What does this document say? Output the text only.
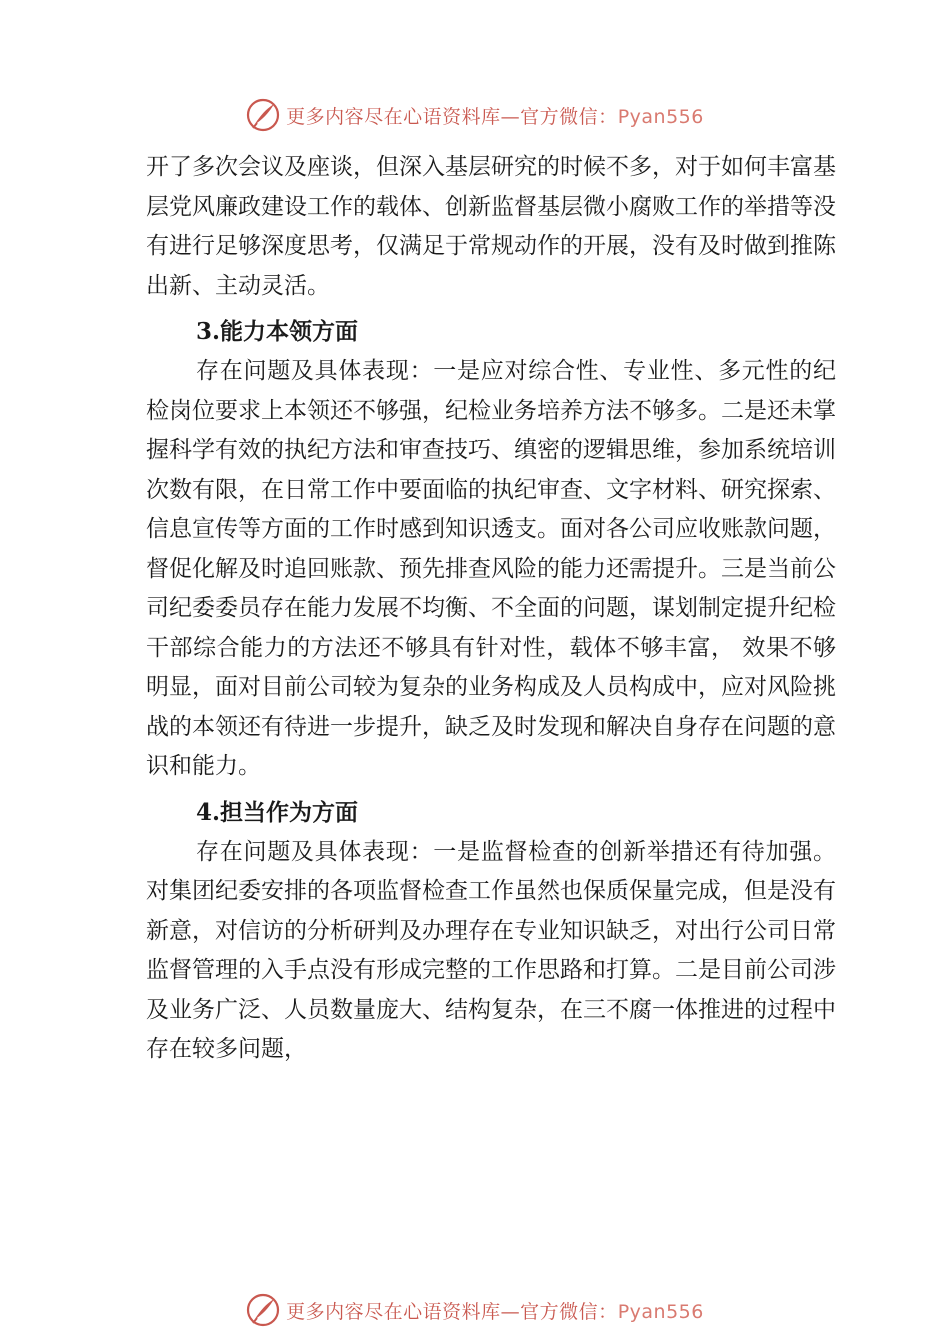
更多内容尽在心语资料库—官方微信：Pyan556

开了多次会议及座谈，但深入基层研究的时候不多，对于如何丰富基层党风廉政建设工作的载体、创新监督基层微小腐败工作的举措等没有进行足够深度思考，仅满足于常规动作的开展，没有及时做到推陈出新、主动灵活。

3.能力本领方面

存在问题及具体表现：一是应对综合性、专业性、多元性的纪检岗位要求上本领还不够强，纪检业务培养方法不够多。二是还未掌握科学有效的执纪方法和审查技巧、缜密的逻辑思维，参加系统培训次数有限，在日常工作中要面临的执纪审查、文字材料、研究探索、信息宣传等方面的工作时感到知识透支。面对各公司应收账款问题，督促化解及时追回账款、预先排查风险的能力还需提升。三是当前公司纪委委员存在能力发展不均衡、不全面的问题，谋划制定提升纪检干部综合能力的方法还不够具有针对性，载体不够丰富， 效果不够明显，面对目前公司较为复杂的业务构成及人员构成中，应对风险挑战的本领还有待进一步提升，缺乏及时发现和解决自身存在问题的意识和能力。

4.担当作为方面

存在问题及具体表现：一是监督检查的创新举措还有待加强。对集团纪委安排的各项监督检查工作虽然也保质保量完成，但是没有新意，对信访的分析研判及办理存在专业知识缺乏，对出行公司日常监督管理的入手点没有形成完整的工作思路和打算。二是目前公司涉及业务广泛、人员数量庞大、结构复杂，在三不腐一体推进的过程中存在较多问题，

更多内容尽在心语资料库—官方微信：Pyan556
